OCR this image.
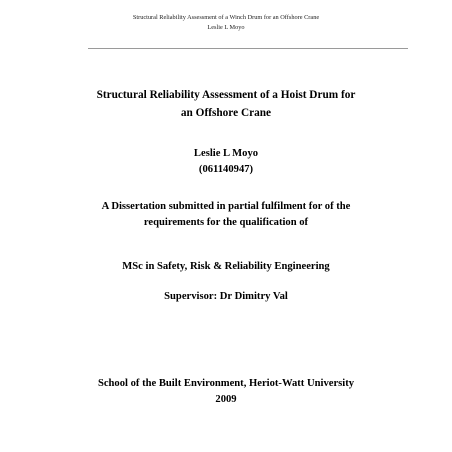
Structural Reliability Assessment of a Winch Drum for an Offshore Crane
Leslie L Moyo
Structural Reliability Assessment of a Hoist Drum for
an Offshore Crane
Leslie L Moyo
(061140947)
A Dissertation submitted in partial fulfilment for of the
requirements for the qualification of
MSc in Safety, Risk & Reliability Engineering
Supervisor: Dr Dimitry Val
School of the Built Environment, Heriot-Watt University
2009
